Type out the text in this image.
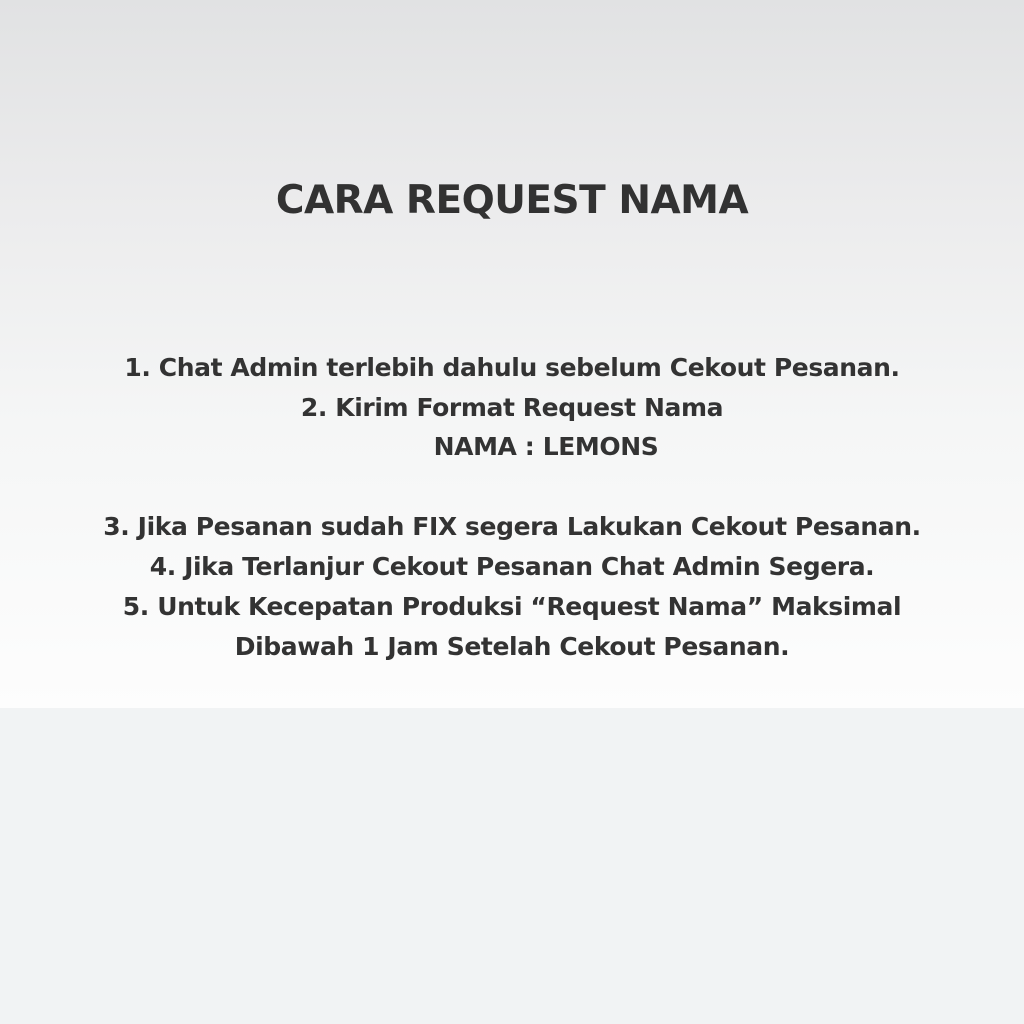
CARA REQUEST NAMA
1. Chat Admin terlebih dahulu sebelum Cekout Pesanan.
2. Kirim Format Request Nama
NAMA : LEMONS
3. Jika Pesanan sudah FIX segera Lakukan Cekout Pesanan.
4. Jika Terlanjur Cekout Pesanan Chat Admin Segera.
5. Untuk Kecepatan Produksi “Request Nama” Maksimal
Dibawah 1 Jam Setelah Cekout Pesanan.
